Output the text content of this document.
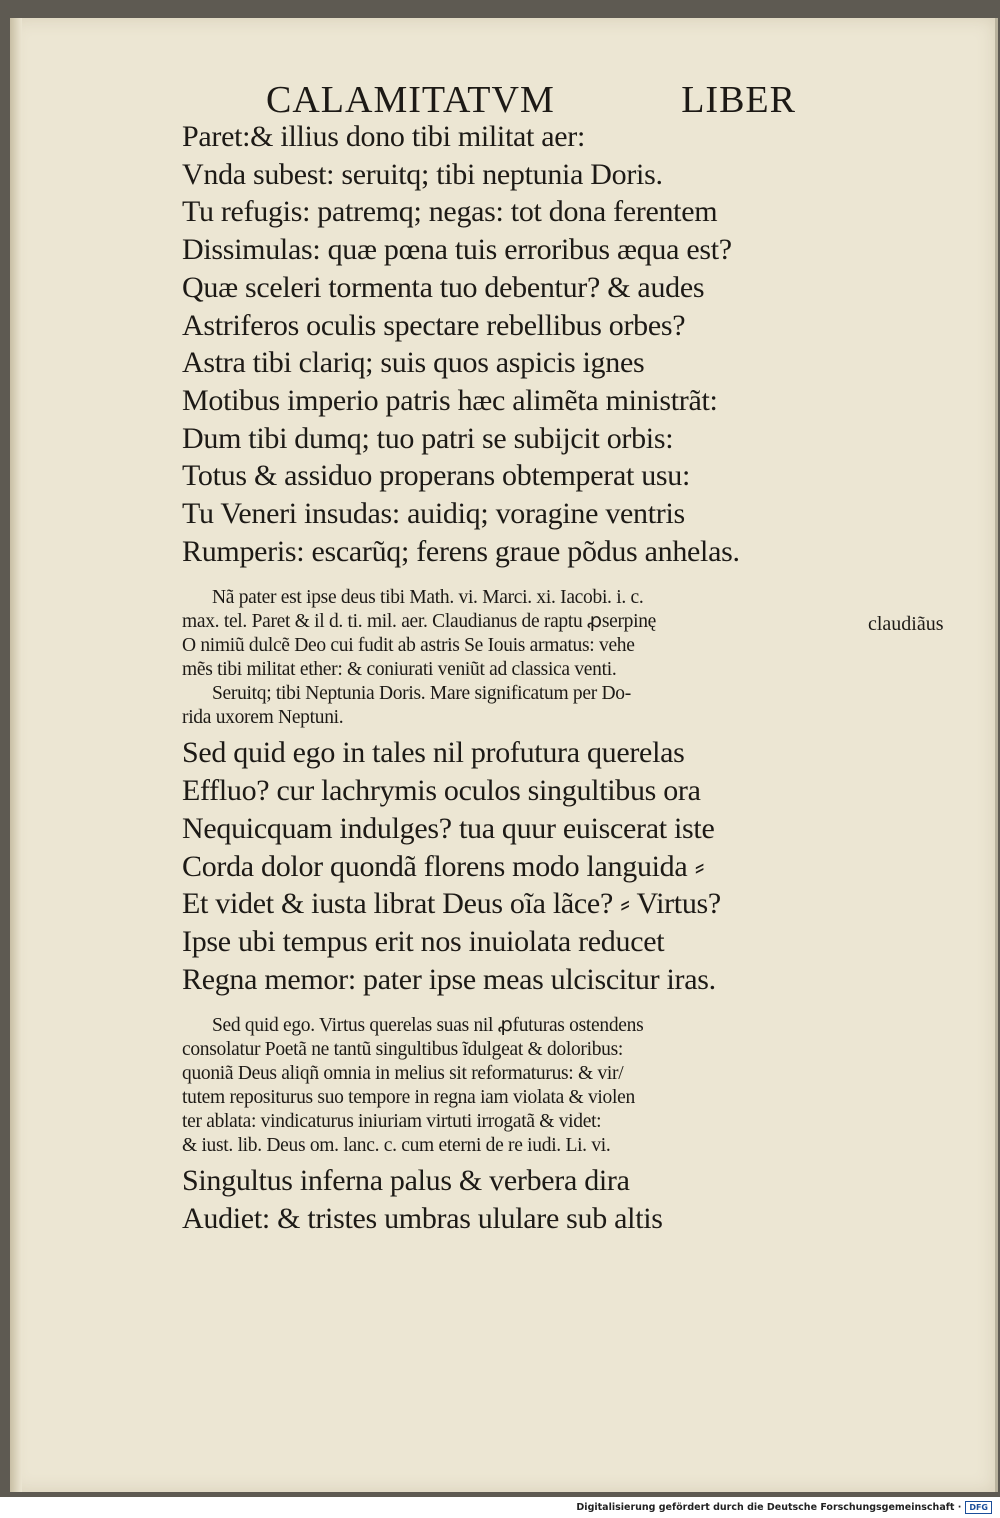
CALAMITATVM	LIBER
Paret:& illius dono tibi militat aer:
Vnda subest: seruitq; tibi neptunia Doris.
Tu refugis: patremq; negas: tot dona ferentem
Dissimulas: quæ pœna tuis erroribus æqua est?
Quæ sceleri tormenta tuo debentur? & audes
Astriferos oculis spectare rebellibus orbes?
Astra tibi clariq; suis quos aspicis ignes
Motibus imperio patris hæc alimẽta ministrãt:
Dum tibi dumq; tuo patri se subijcit orbis:
Totus & assiduo properans obtemperat usu:
Tu Veneri insudas: auidiq; voragine ventris
Rumperis: escarũq; ferens graue põdus anhelas.
Nã pater est ipse deus tibi Math. vi. Marci. xi. Iacobi. i. c.
max. tel. Paret & il d. ti. mil. aer. Claudianus de raptu ꝓserpinę
O nimiũ dulcẽ Deo cui fudit ab astris Se Iouis armatus: vehe
mẽs tibi militat ether: & coniurati veniũt ad classica venti.
Seruitq; tibi Neptunia Doris. Mare significatum per Do-
rida uxorem Neptuni.
Sed quid ego in tales nil profutura querelas
Effluo? cur lachrymis oculos singultibus ora
Nequicquam indulges? tua quur euiscerat iste
Corda dolor quondã florens modo languida ⸗
Et videt & iusta librat Deus oĩa lãce? ⸗ Virtus?
Ipse ubi tempus erit nos inuiolata reducet
Regna memor: pater ipse meas ulciscitur iras.
Sed quid ego. Virtus querelas suas nil ꝓfuturas ostendens
consolatur Poetã ne tantũ singultibus ĩdulgeat & doloribus:
quoniã Deus aliqñ omnia in melius sit reformaturus: & vir/
tutem repositurus suo tempore in regna iam violata & violen
ter ablata: vindicaturus iniuriam virtuti irrogatã & videt:
& iust. lib. Deus om. lanc. c. cum eterni de re iudi. Li. vi.
Singultus inferna palus & verbera dira
Audiet: & tristes umbras ululare sub altis
claudiãus
Digitalisierung gefördert durch die Deutsche Forschungsgemeinschaft ·	DFG
